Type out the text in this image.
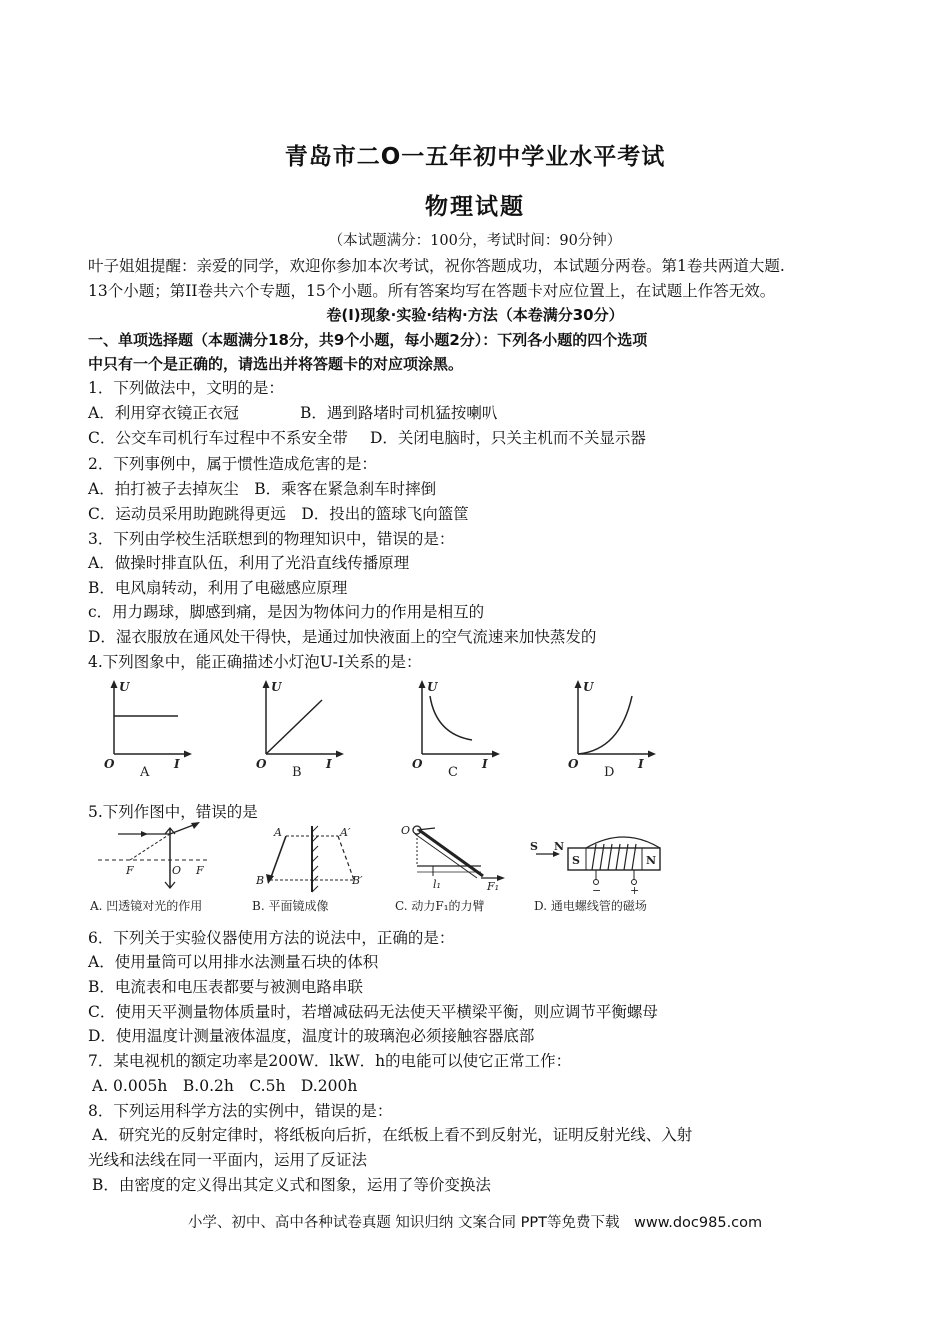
青岛市二O一五年初中学业水平考试
物理试题
（本试题满分：100分，考试时间：90分钟）
叶子姐姐提醒：亲爱的同学，欢迎你参加本次考试，祝你答题成功，本试题分两卷。第1卷共两道大题.
13个小题；第II卷共六个专题，15个小题。所有答案均写在答题卡对应位置上，在试题上作答无效。
卷(I)现象·实验·结构·方法（本卷满分30分）
一、单项选择题（本题满分18分，共9个小题，每小题2分）：下列各小题的四个选项
中只有一个是正确的，请选出并将答题卡的对应项涂黑。
1．下列做法中，文明的是：
A．利用穿衣镜正衣冠	B．遇到路堵时司机猛按喇叭
C．公交车司机行车过程中不系安全带 D．关闭电脑时，只关主机而不关显示器
2．下列事例中，属于惯性造成危害的是：
A．拍打被子去掉灰尘　B．乘客在紧急刹车时摔倒
C．运动员采用助跑跳得更远　D．投出的篮球飞向篮筐
3．下列由学校生活联想到的物理知识中，错误的是：
A．做操时排直队伍，利用了光沿直线传播原理
B．电风扇转动，利用了电磁感应原理
c．用力踢球，脚感到痛，是因为物体问力的作用是相互的
D．湿衣服放在通风处干得快，是通过加快液面上的空气流速来加快蒸发的
4.下列图象中，能正确描述小灯泡U-I关系的是：
U
O	I
A
U
O	I
B
U
O	I
C
U
O	I
D
5.下列作图中，错误的是
F	O F
A. 凹透镜对光的作用
A	A′
B	B′
B. 平面镜成像
O
l₁	F₁
C. 动力F₁的力臂
S N
S	N
−	+
D. 通电螺线管的磁场
6．下列关于实验仪器使用方法的说法中，正确的是：
A．使用量筒可以用排水法测量石块的体积
B．电流表和电压表都要与被测电路串联
C．使用天平测量物体质量时，若增减砝码无法使天平横梁平衡，则应调节平衡螺母
D．使用温度计测量液体温度，温度计的玻璃泡必须接触容器底部
7．某电视机的额定功率是200W．lkW．h的电能可以使它正常工作：
A. 0.005h　B.0.2h　C.5h　D.200h
8．下列运用科学方法的实例中，错误的是：
A．研究光的反射定律时，将纸板向后折，在纸板上看不到反射光，证明反射光线、入射
光线和法线在同一平面内，运用了反证法
B．由密度的定义得出其定义式和图象，运用了等价变换法
小学、初中、高中各种试卷真题 知识归纳 文案合同 PPT等免费下载　www.doc985.com
